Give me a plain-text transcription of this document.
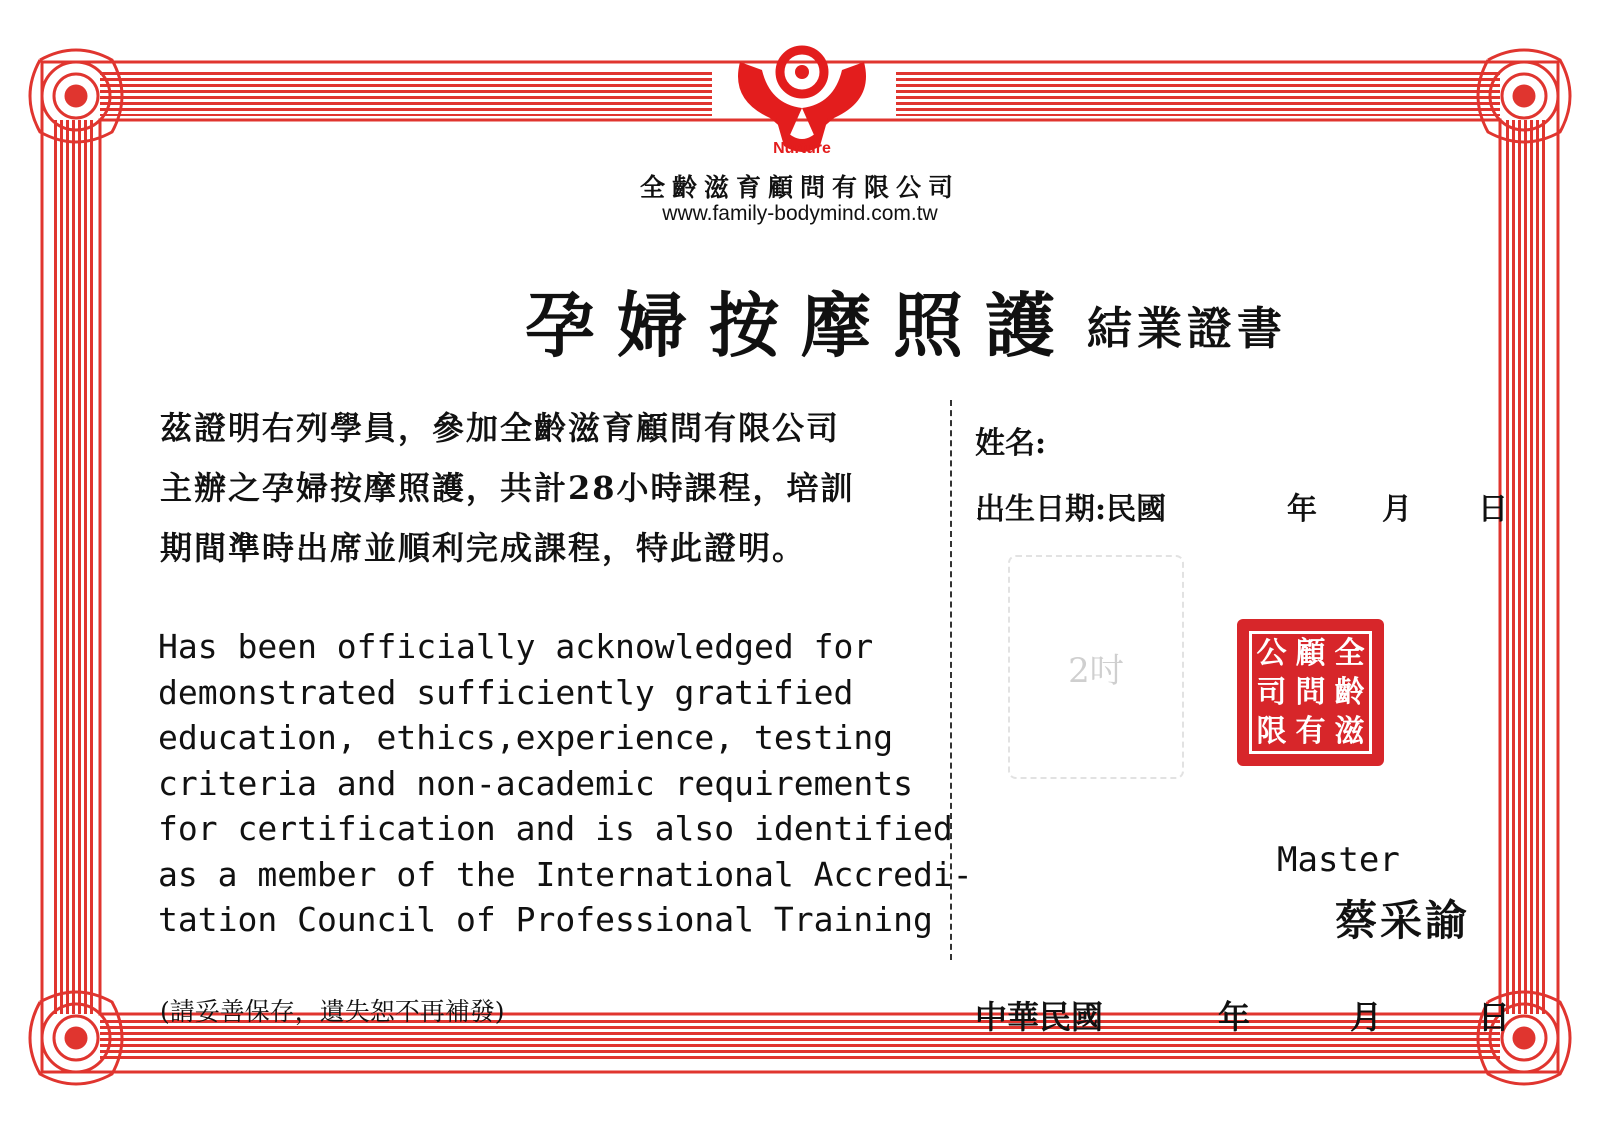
Nurture
全齡滋育顧問有限公司
www.family-bodymind.com.tw
孕婦按摩照護 結業證書
茲證明右列學員，參加全齡滋育顧問有限公司
主辦之孕婦按摩照護，共計28小時課程，培訓
期間準時出席並順利完成課程，特此證明。
Has been officially acknowledged for
demonstrated sufficiently gratified
education, ethics,experience, testing
criteria and non-academic requirements
for certification and is also identified
as a member of the International Accredi-
tation Council of Professional Training
姓名:
出生日期:民國	年 月 日
2吋	公 顧 全
司 問 齡
限 有 滋
Master
蔡采諭
(請妥善保存，遺失恕不再補發)	中華民國	年	月	日
